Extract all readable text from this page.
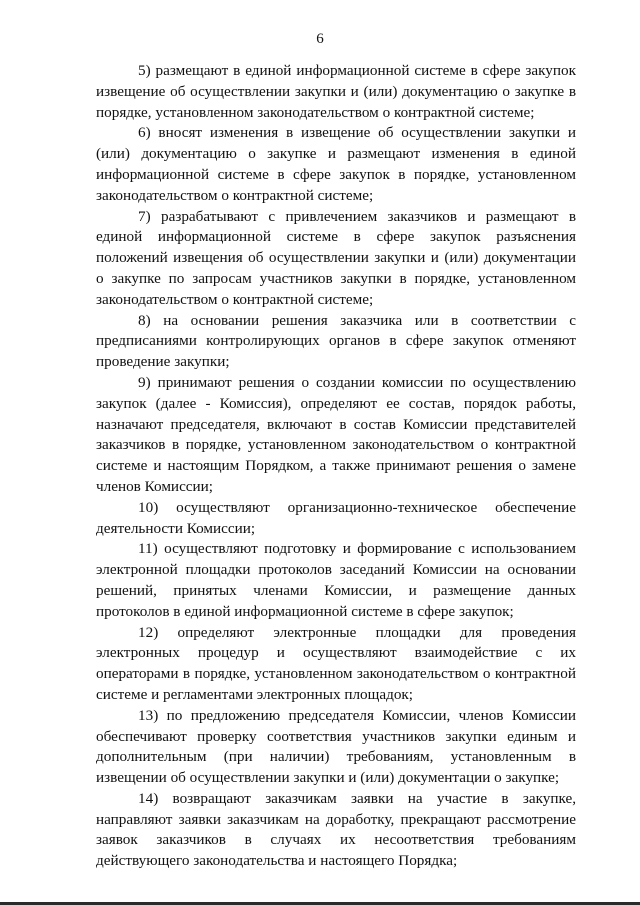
6

5) размещают в единой информационной системе в сфере закупок извещение об осуществлении закупки и (или) документацию о закупке в порядке, установленном законодательством о контрактной системе;

6) вносят изменения в извещение об осуществлении закупки и (или) документацию о закупке и размещают изменения в единой информационной системе в сфере закупок в порядке, установленном законодательством о контрактной системе;

7) разрабатывают с привлечением заказчиков и размещают в единой информационной системе в сфере закупок разъяснения положений извещения об осуществлении закупки и (или) документации о закупке по запросам участников закупки в порядке, установленном законодательством о контрактной системе;

8) на основании решения заказчика или в соответствии с предписаниями контролирующих органов в сфере закупок отменяют проведение закупки;

9) принимают решения о создании комиссии по осуществлению закупок (далее - Комиссия), определяют ее состав, порядок работы, назначают председателя, включают в состав Комиссии представителей заказчиков в порядке, установленном законодательством о контрактной системе и настоящим Порядком, а также принимают решения о замене членов Комиссии;

10) осуществляют организационно-техническое обеспечение деятельности Комиссии;

11) осуществляют подготовку и формирование с использованием электронной площадки протоколов заседаний Комиссии на основании решений, принятых членами Комиссии, и размещение данных протоколов в единой информационной системе в сфере закупок;

12) определяют электронные площадки для проведения электронных процедур и осуществляют взаимодействие с их операторами в порядке, установленном законодательством о контрактной системе и регламентами электронных площадок;

13) по предложению председателя Комиссии, членов Комиссии обеспечивают проверку соответствия участников закупки единым и дополнительным (при наличии) требованиям, установленным в извещении об осуществлении закупки и (или) документации о закупке;

14) возвращают заказчикам заявки на участие в закупке, направляют заявки заказчикам на доработку, прекращают рассмотрение заявок заказчиков в случаях их несоответствия требованиям действующего законодательства и настоящего Порядка;
